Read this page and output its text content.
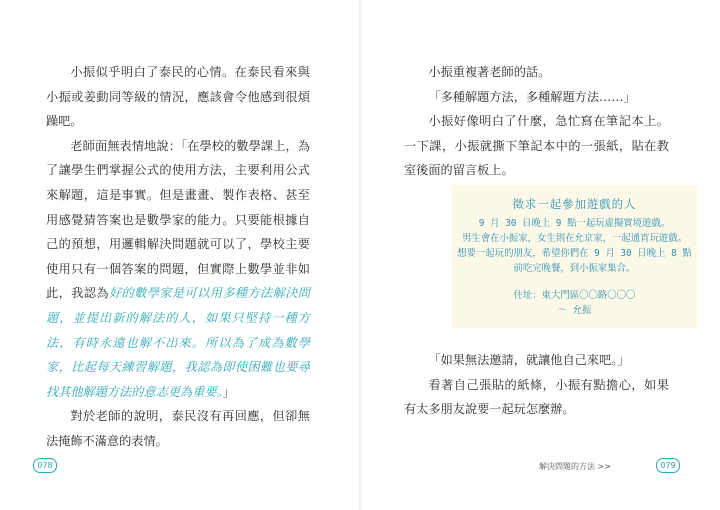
小振似乎明白了泰民的心情。在泰民看來與小振或姜動同等級的情況，應該會令他感到很煩躁吧。

老師面無表情地說：「在學校的數學課上，為了讓學生們掌握公式的使用方法，主要利用公式來解題，這是事實。但是畫畫、製作表格、甚至用感覺猜答案也是數學家的能力。只要能根據自己的預想，用邏輯解決問題就可以了，學校主要使用只有一個答案的問題，但實際上數學並非如此，我認為好的數學家是可以用多種方法解決問題，並提出新的解法的人，如果只堅持一種方法，有時永遠也解不出來。所以為了成為數學家，比起每天練習解題，我認為即使困難也要尋找其他解題方法的意志更為重要。」

對於老師的說明，泰民沒有再回應，但卻無法掩飾不滿意的表情。

078

小振重複著老師的話。

「多種解題方法，多種解題方法……」

小振好像明白了什麼，急忙寫在筆記本上。一下課，小振就撕下筆記本中的一張紙，貼在教室後面的留言板上。

「如果無法邀請，就讓他自己來吧。」

看著自己張貼的紙條，小振有點擔心，如果有太多朋友說要一起玩怎麼辦。

079
徵求一起參加遊戲的人

9 月 30 日晚上 9 點一起玩虛擬實境遊戲。

男生會在小振家，女生則在允京家，一起通宵玩遊戲。

想要一起玩的朋友，希望你們在 9 月 30 日晚上 8 點

前吃完晚餐，到小振家集合。

住址：東大門區〇〇路〇〇〇

～ 允振

解決問題的方法 >>
